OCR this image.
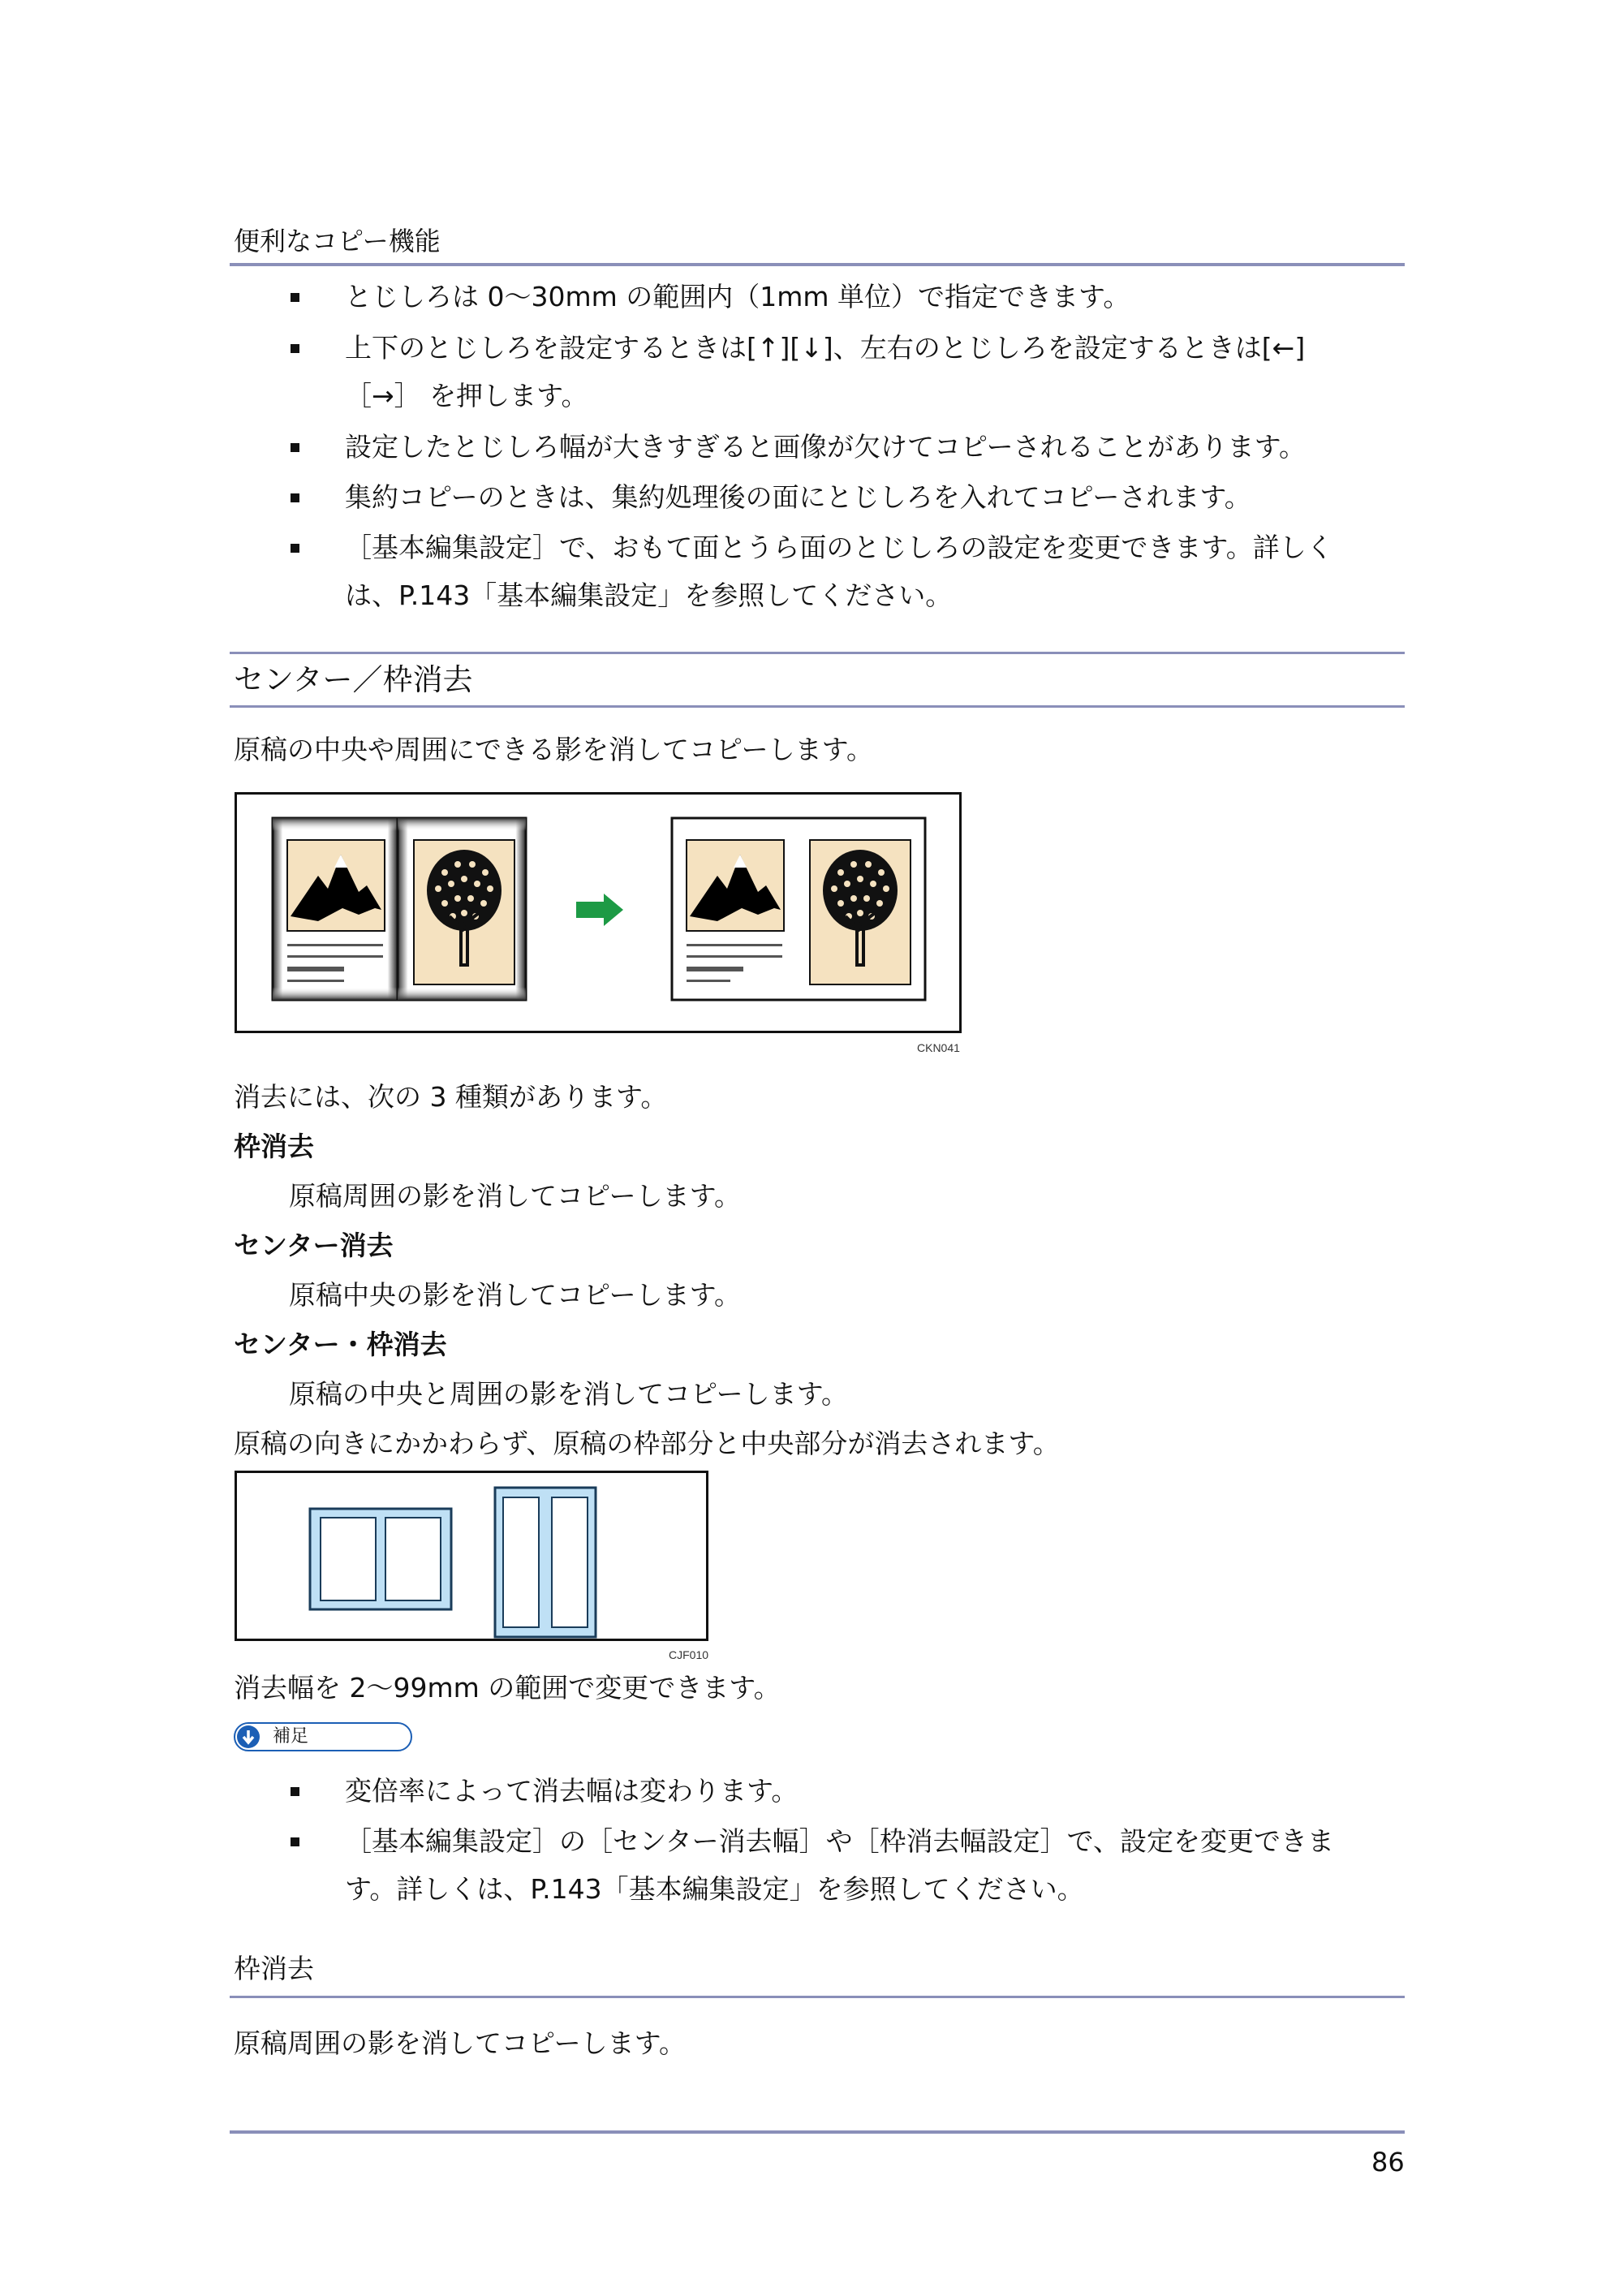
便利なコピー機能
とじしろは 0～30mm の範囲内（1mm 単位）で指定できます。
上下のとじしろを設定するときは[↑][↓]、左右のとじしろを設定するときは[←]
［→］ を押します。
設定したとじしろ幅が大きすぎると画像が欠けてコピーされることがあります。
集約コピーのときは、集約処理後の面にとじしろを入れてコピーされます。
［基本編集設定］で、おもて面とうら面のとじしろの設定を変更できます。詳しく
は、P.143「基本編集設定」を参照してください。
センター／枠消去
原稿の中央や周囲にできる影を消してコピーします。
CKN041
消去には、次の 3 種類があります。
枠消去
原稿周囲の影を消してコピーします。
センター消去
原稿中央の影を消してコピーします。
センター・枠消去
原稿の中央と周囲の影を消してコピーします。
原稿の向きにかかわらず、原稿の枠部分と中央部分が消去されます。
CJF010
消去幅を 2～99mm の範囲で変更できます。
補足
変倍率によって消去幅は変わります。
［基本編集設定］の［センター消去幅］や［枠消去幅設定］で、設定を変更できま
す。詳しくは、P.143「基本編集設定」を参照してください。
枠消去
原稿周囲の影を消してコピーします。
86
